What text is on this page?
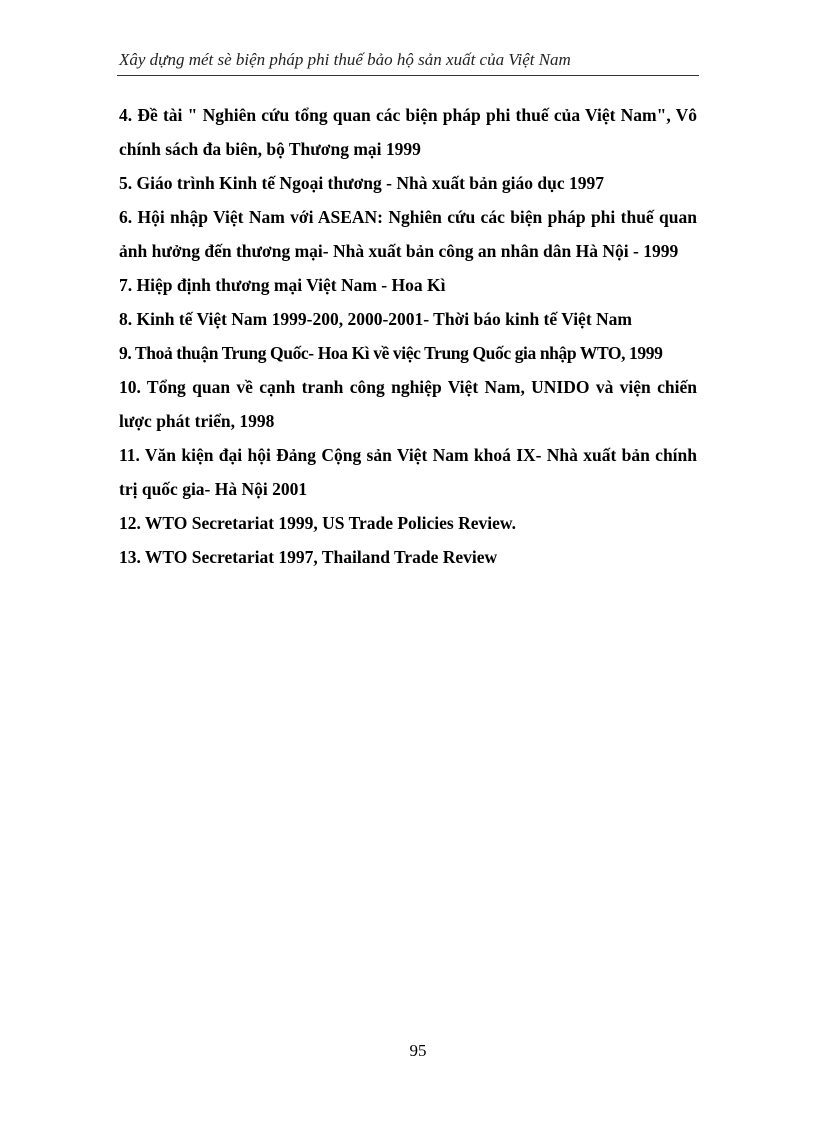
Xây dựng mét sè biện pháp phi thuế bảo hộ sản xuất của Việt Nam

4. Đề tài " Nghiên cứu tổng quan các biện pháp phi thuế của Việt Nam", Vô chính sách đa biên, bộ Thương mại 1999

5. Giáo trình Kinh tế Ngoại thương - Nhà xuất bản giáo dục 1997

6. Hội nhập Việt Nam với ASEAN: Nghiên cứu các biện pháp phi thuế quan ảnh hưởng đến thương mại- Nhà xuất bản công an nhân dân Hà Nội - 1999

7. Hiệp định thương mại Việt Nam - Hoa Kì

8. Kinh tế Việt Nam 1999-200, 2000-2001- Thời báo kinh tế Việt Nam

9. Thoả thuận Trung Quốc- Hoa Kì về việc Trung Quốc gia nhập WTO, 1999

10. Tổng quan về cạnh tranh công nghiệp Việt Nam, UNIDO và viện chiến lược phát triển, 1998

11. Văn kiện đại hội Đảng Cộng sản Việt Nam khoá IX- Nhà xuất bản chính trị quốc gia- Hà Nội 2001

12. WTO Secretariat 1999, US Trade Policies Review.

13. WTO Secretariat 1997, Thailand Trade Review

95
